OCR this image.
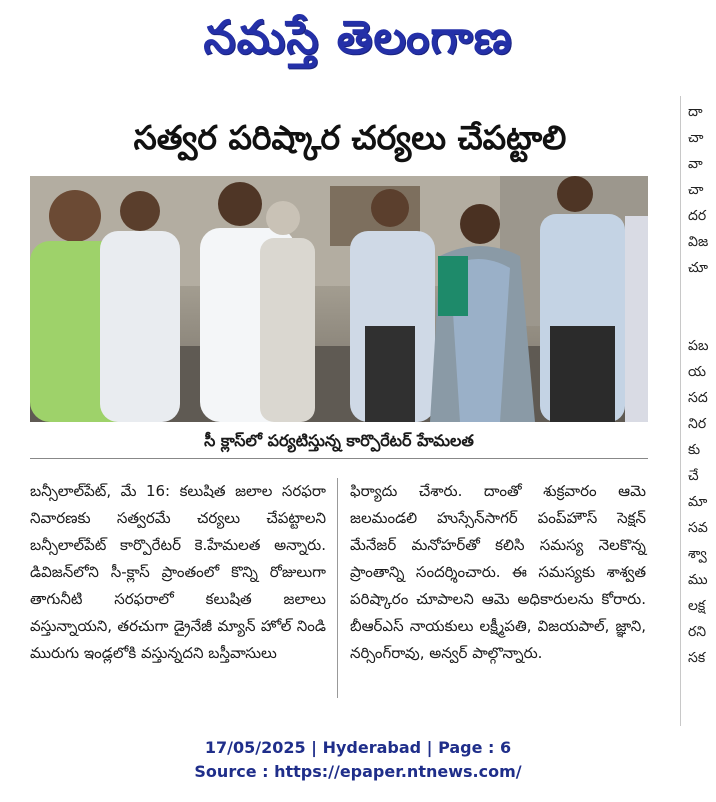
నమస్తే తెలంగాణ
సత్వర పరిష్కార చర్యలు చేపట్టాలి
సీ క్లాస్‌లో పర్యటిస్తున్న కార్పొరేటర్ హేమలత

బన్సీలాల్‌పేట్, మే 16: కలుషిత జలాల సరఫరా నివారణకు సత్వరమే చర్యలు చేపట్టాలని బన్సీలాల్‌పేట్ కార్పొరేటర్ కె.హేమలత అన్నారు. డివిజన్‌లోని సీ-క్లాస్ ప్రాంతంలో కొన్ని రోజులుగా తాగునీటి సరఫరాలో కలుషిత జలాలు వస్తున్నాయని, తరచుగా డ్రైనేజీ మ్యాన్ హోల్ నిండి మురుగు ఇండ్లలోకి వస్తున్నదని బస్తీవాసులు

ఫిర్యాదు చేశారు. దాంతో శుక్రవారం ఆమె జలమండలి హుస్సేన్‌సాగర్ పంప్‌హౌస్ సెక్షన్ మేనేజర్ మనోహర్‌తో కలిసి సమస్య నెలకొన్న ప్రాంతాన్ని సందర్శించారు. ఈ సమస్యకు శాశ్వత పరిష్కారం చూపాలని ఆమె అధికారులను కోరారు. బీఆర్‌ఎస్ నాయకులు లక్ష్మీపతి, విజయపాల్, జ్ఞాని, నర్సింగ్‌రావు, అన్వర్ పాల్గొన్నారు.

దా
చా
వా
చా
దర
విజ
చూ
పబ
య
సద
నిర
కు
చే
మా
సవ
శ్వా
ము
లక్ష
రని
సక
17/05/2025 | Hyderabad | Page : 6
Source : https://epaper.ntnews.com/
